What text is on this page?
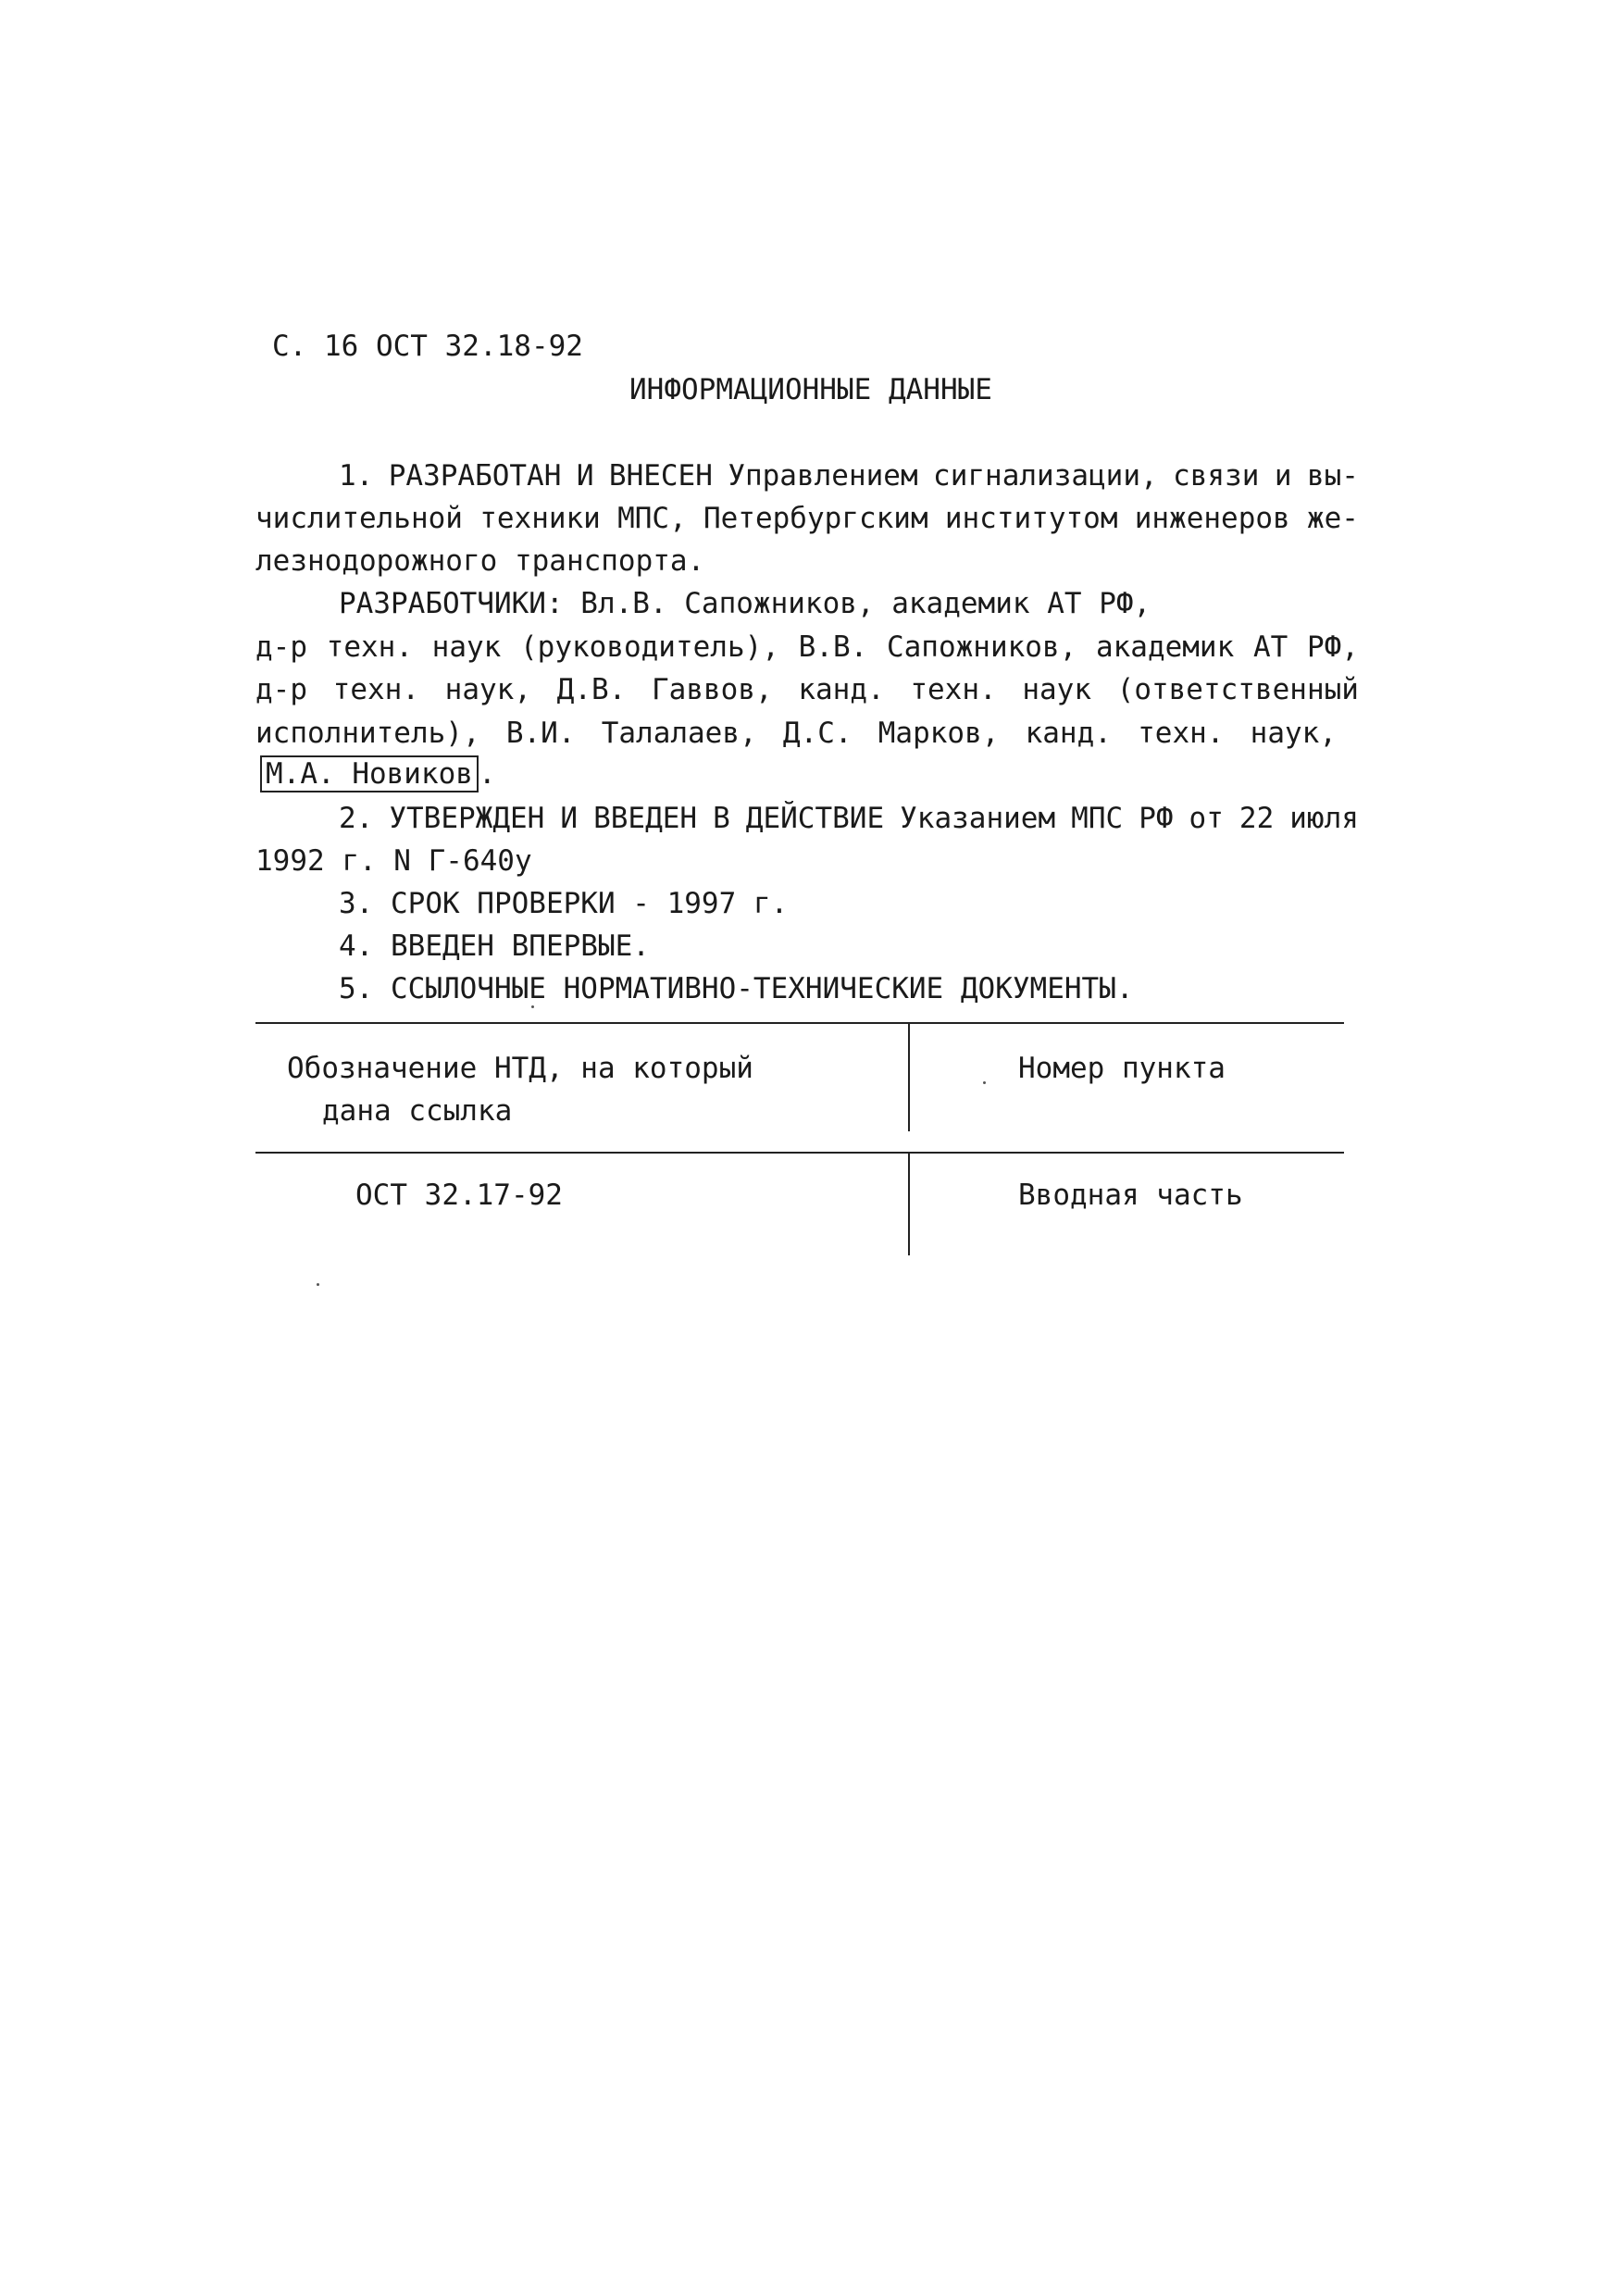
С. 16 ОСТ 32.18-92
ИНФОРМАЦИОННЫЕ ДАННЫЕ
1. РАЗРАБОТАН И ВНЕСЕН Управлением сигнализации, связи и вы-
числительной техники МПС, Петербургским институтом инженеров же-
лезнодорожного транспорта.
РАЗРАБОТЧИКИ: Вл.В. Сапожников, академик АТ РФ,
д-р техн. наук (руководитель), В.В. Сапожников, академик АТ РФ,
д-р техн. наук, Д.В. Гаввов, канд. техн. наук (ответственный
исполнитель), В.И. Талалаев, Д.С. Марков, канд. техн. наук,
М.А. Новиков .
2. УТВЕРЖДЕН И ВВЕДЕН В ДЕЙСТВИЕ Указанием МПС РФ от 22 июля
1992 г. N Г-640у
3. СРОК ПРОВЕРКИ - 1997 г.
4. ВВЕДЕН ВПЕРВЫЕ.
5. ССЫЛОЧНЫЕ НОРМАТИВНО-ТЕХНИЧЕСКИЕ ДОКУМЕНТЫ.
Обозначение НТД, на который
дана ссылка
Номер пункта
ОСТ 32.17-92	Вводная часть
